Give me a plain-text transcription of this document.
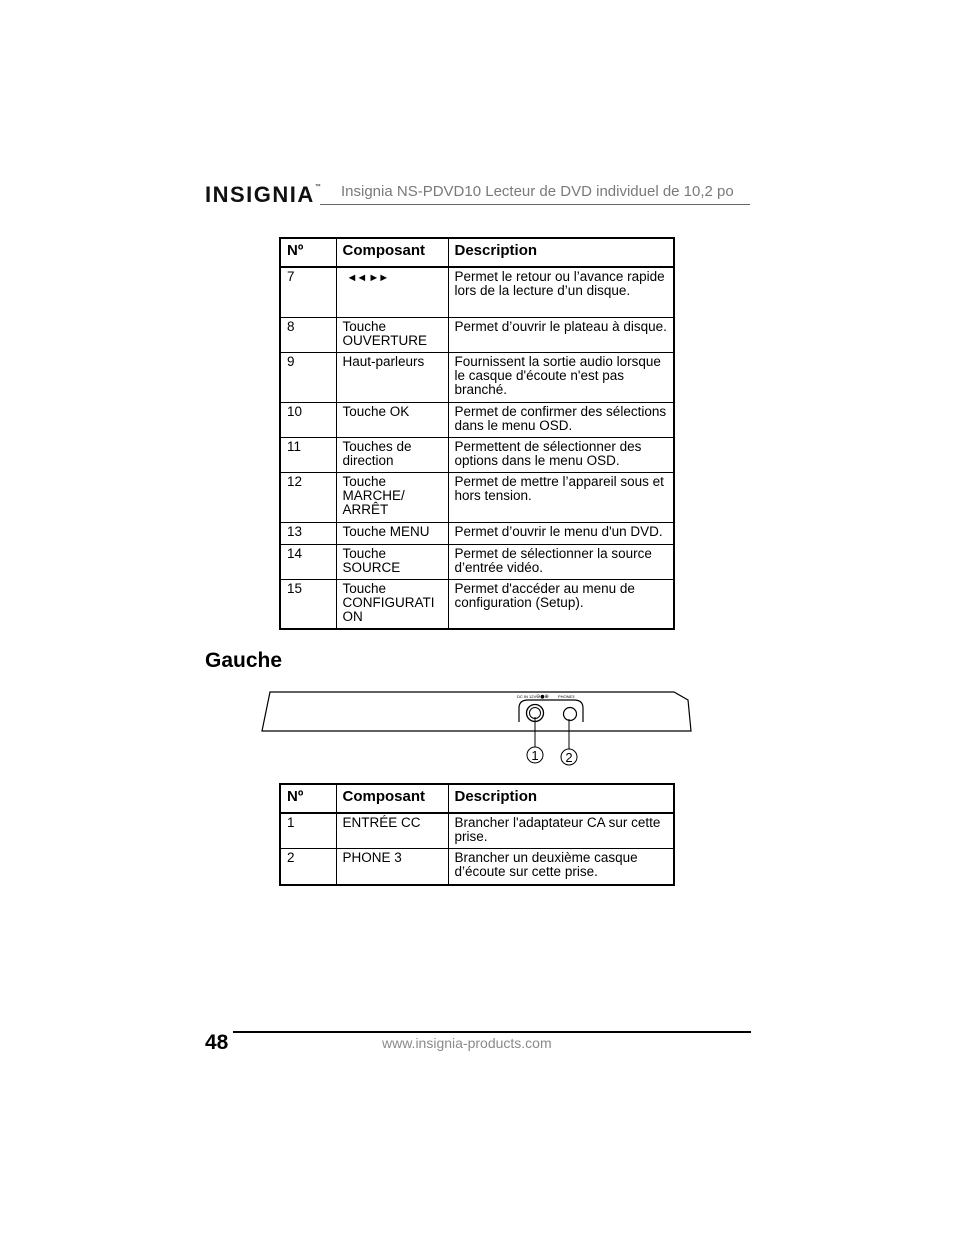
INSIGNIA™ Insignia NS-PDVD10 Lecteur de DVD individuel de 10,2 po
Nº	Composant	Description
7	◄◄ ►►	Permet le retour ou l’avance rapide lors de la lecture d’un disque.
8	Touche OUVERTURE	Permet d’ouvrir le plateau à disque.
9	Haut-parleurs	Fournissent la sortie audio lorsque le casque d'écoute n'est pas branché.
10	Touche OK	Permet de confirmer des sélections dans le menu OSD.
11	Touches de direction	Permettent de sélectionner des options dans le menu OSD.
12	Touche MARCHE/ ARRÊT	Permet de mettre l’appareil sous et hors tension.
13	Touche MENU	Permet d’ouvrir le menu d'un DVD.
14	Touche SOURCE	Permet de sélectionner la source d’entrée vidéo.
15	Touche CONFIGURATI ON	Permet d'accéder au menu de configuration (Setup).
Gauche
DC IN 12V ⊖●⊕ PHONE3
1 2
Nº	Composant	Description
1	ENTRÉE CC	Brancher l'adaptateur CA sur cette prise.
2	PHONE 3	Brancher un deuxième casque d’écoute sur cette prise.
48	www.insignia-products.com
